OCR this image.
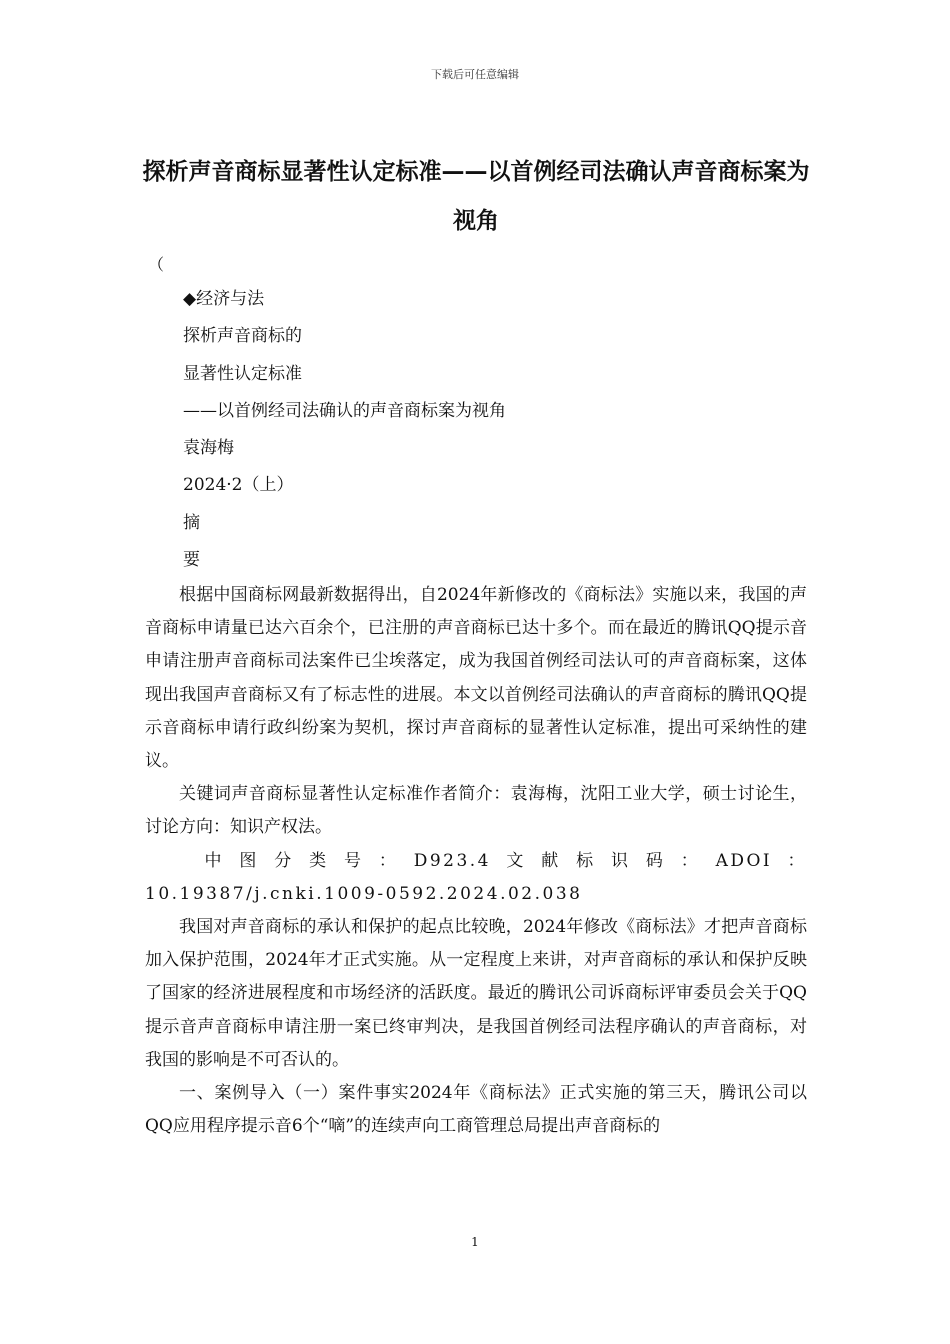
下载后可任意编辑
探析声音商标显著性认定标准——以首例经司法确认声音商标案为视角
（
◆经济与法
探析声音商标的
显著性认定标准
——以首例经司法确认的声音商标案为视角
袁海梅
2024·2（上）
摘
要

根据中国商标网最新数据得出，自2024年新修改的《商标法》实施以来，我国的声音商标申请量已达六百余个，已注册的声音商标已达十多个。而在最近的腾讯QQ提示音申请注册声音商标司法案件已尘埃落定，成为我国首例经司法认可的声音商标案，这体现出我国声音商标又有了标志性的进展。本文以首例经司法确认的声音商标的腾讯QQ提示音商标申请行政纠纷案为契机，探讨声音商标的显著性认定标准，提出可采纳性的建议。

关键词声音商标显著性认定标准作者简介：袁海梅，沈阳工业大学，硕士讨论生，讨论方向：知识产权法。

中图分类号：D923.4文献标识码：ADOI：10.19387/j.cnki.1009-0592.2024.02.038

我国对声音商标的承认和保护的起点比较晚，2024年修改《商标法》才把声音商标加入保护范围，2024年才正式实施。从一定程度上来讲，对声音商标的承认和保护反映了国家的经济进展程度和市场经济的活跃度。最近的腾讯公司诉商标评审委员会关于QQ提示音声音商标申请注册一案已终审判决，是我国首例经司法程序确认的声音商标，对我国的影响是不可否认的。

一、案例导入（一）案件事实2024年《商标法》正式实施的第三天，腾讯公司以QQ应用程序提示音6个“嘀”的连续声向工商管理总局提出声音商标的

1
